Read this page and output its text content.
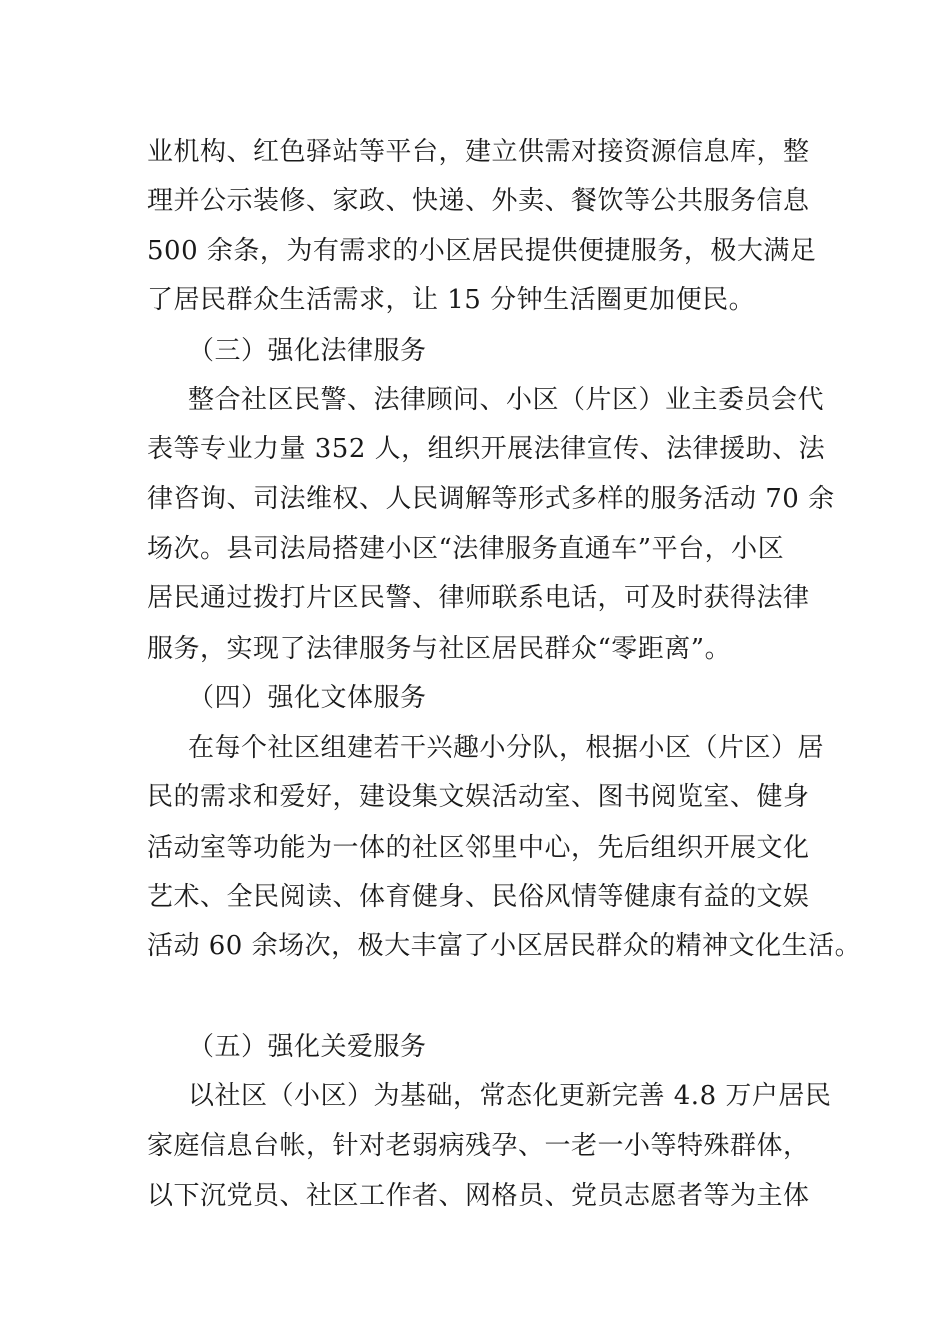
业机构、红色驿站等平台，建立供需对接资源信息库，整
理并公示装修、家政、快递、外卖、餐饮等公共服务信息
500 余条，为有需求的小区居民提供便捷服务，极大满足
了居民群众生活需求，让 15 分钟生活圈更加便民。
（三）强化法律服务
整合社区民警、法律顾问、小区（片区）业主委员会代
表等专业力量 352 人，组织开展法律宣传、法律援助、法
律咨询、司法维权、人民调解等形式多样的服务活动 70 余
场次。县司法局搭建小区“法律服务直通车”平台，小区
居民通过拨打片区民警、律师联系电话，可及时获得法律
服务，实现了法律服务与社区居民群众“零距离”。
（四）强化文体服务
在每个社区组建若干兴趣小分队，根据小区（片区）居
民的需求和爱好，建设集文娱活动室、图书阅览室、健身
活动室等功能为一体的社区邻里中心，先后组织开展文化
艺术、全民阅读、体育健身、民俗风情等健康有益的文娱
活动 60 余场次，极大丰富了小区居民群众的精神文化生活。
（五）强化关爱服务
以社区（小区）为基础，常态化更新完善 4.8 万户居民
家庭信息台帐，针对老弱病残孕、一老一小等特殊群体，
以下沉党员、社区工作者、网格员、党员志愿者等为主体
